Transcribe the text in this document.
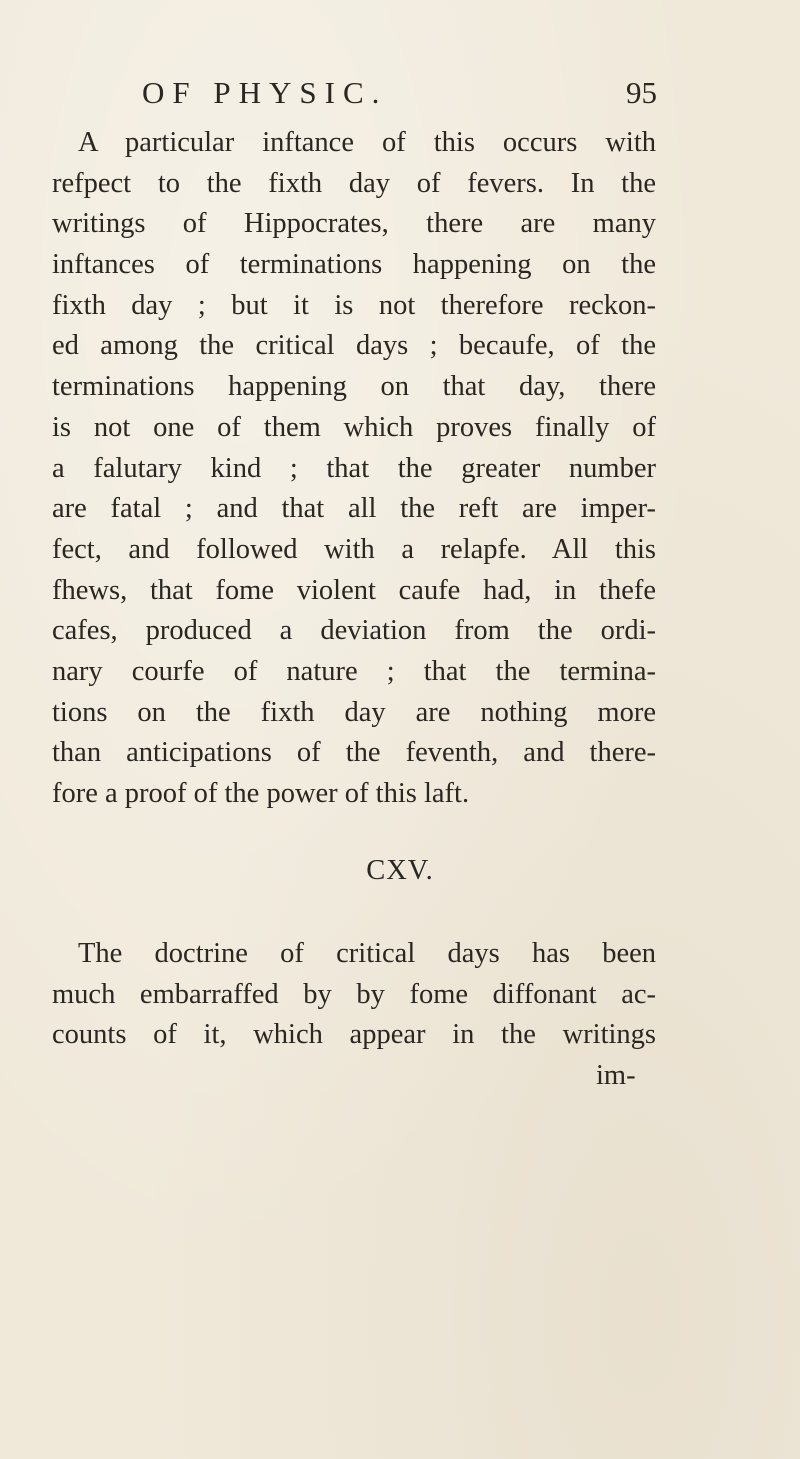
OF PHYSIC.	95
A particular inftance of this occurs with
refpect to the fixth day of fevers. In the
writings of Hippocrates, there are many
inftances of terminations happening on the
fixth day ; but it is not therefore reckon-
ed among the critical days ; becaufe, of the
terminations happening on that day, there
is not one of them which proves finally of
a falutary kind ; that the greater number
are fatal ; and that all the reft are imper-
fect, and followed with a relapfe. All this
fhews, that fome violent caufe had, in thefe
cafes, produced a deviation from the ordi-
nary courfe of nature ; that the termina-
tions on the fixth day are nothing more
than anticipations of the feventh, and there-
fore a proof of the power of this laft.
CXV.
The doctrine of critical days has been
much embarraffed by by fome diffonant ac-
counts of it, which appear in the writings
im-
